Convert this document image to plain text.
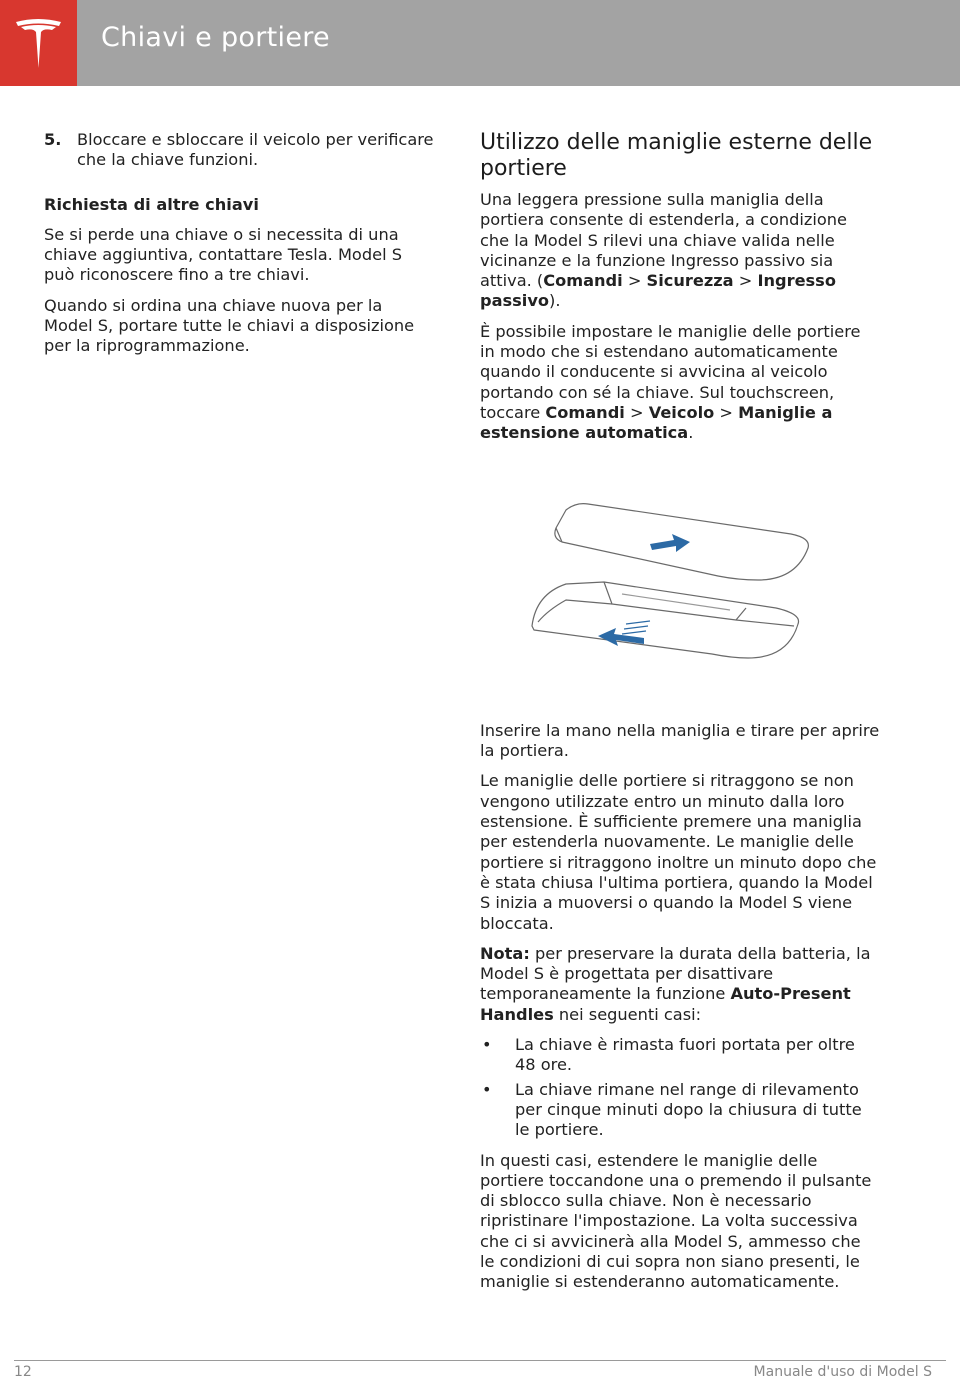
Chiavi e portiere
5. Bloccare e sbloccare il veicolo per verificare che la chiave funzioni.
Richiesta di altre chiavi

Se si perde una chiave o si necessita di una chiave aggiuntiva, contattare Tesla. Model S può riconoscere fino a tre chiavi.

Quando si ordina una chiave nuova per la Model S, portare tutte le chiavi a disposizione per la riprogrammazione.

Utilizzo delle maniglie esterne delle portiere

Una leggera pressione sulla maniglia della portiera consente di estenderla, a condizione che la Model S rilevi una chiave valida nelle vicinanze e la funzione Ingresso passivo sia attiva. (Comandi > Sicurezza > Ingresso passivo).

È possibile impostare le maniglie delle portiere in modo che si estendano automaticamente quando il conducente si avvicina al veicolo portando con sé la chiave. Sul touchscreen, toccare Comandi > Veicolo > Maniglie a estensione automatica.

Inserire la mano nella maniglia e tirare per aprire la portiera.

Le maniglie delle portiere si ritraggono se non vengono utilizzate entro un minuto dalla loro estensione. È sufficiente premere una maniglia per estenderla nuovamente. Le maniglie delle portiere si ritraggono inoltre un minuto dopo che è stata chiusa l'ultima portiera, quando la Model S inizia a muoversi o quando la Model S viene bloccata.

Nota: per preservare la durata della batteria, la Model S è progettata per disattivare temporaneamente la funzione Auto-Present Handles nei seguenti casi:

•	La chiave è rimasta fuori portata per oltre 48 ore.
•	La chiave rimane nel range di rilevamento per cinque minuti dopo la chiusura di tutte le portiere.

In questi casi, estendere le maniglie delle portiere toccandone una o premendo il pulsante di sblocco sulla chiave. Non è necessario ripristinare l'impostazione. La volta successiva che ci si avvicinerà alla Model S, ammesso che le condizioni di cui sopra non siano presenti, le maniglie si estenderanno automaticamente.

12	Manuale d'uso di Model S
